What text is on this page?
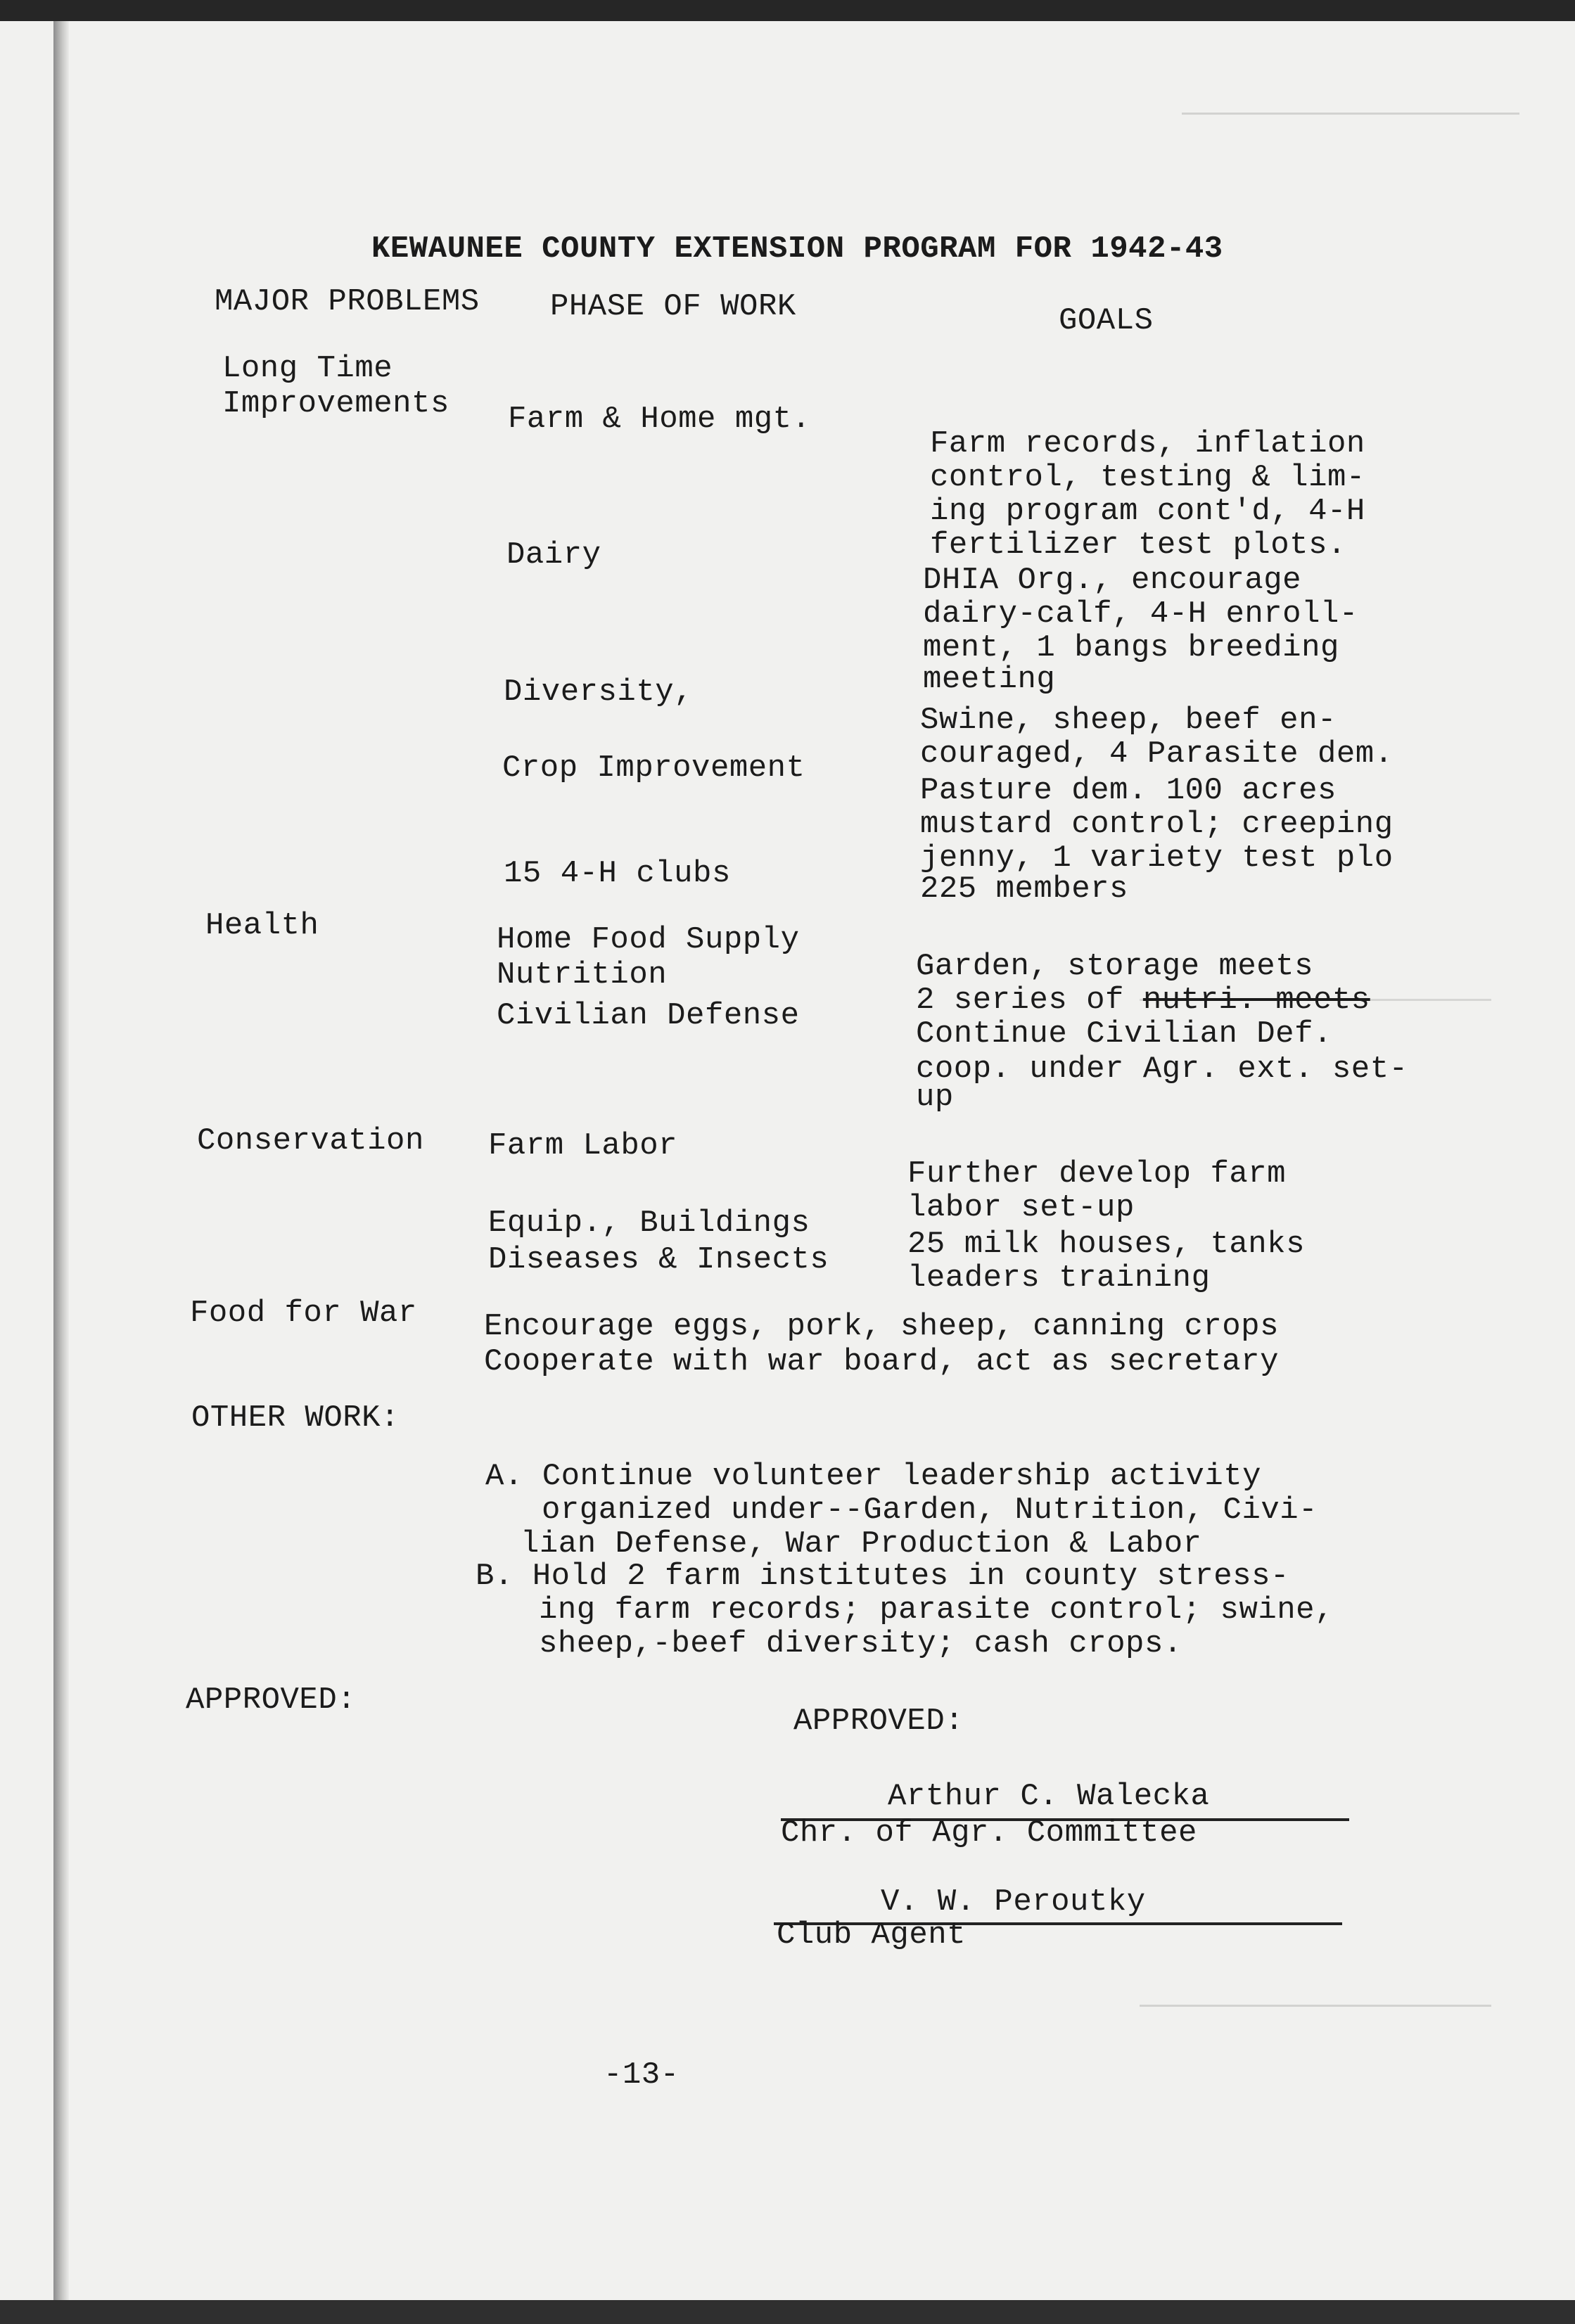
KEWAUNEE COUNTY EXTENSION PROGRAM FOR 1942-43
MAJOR PROBLEMS PHASE OF WORK	GOALS
Long Time
Improvements
Health
Conservation
Food for War
Farm & Home mgt.
Dairy
Diversity,
Crop Improvement
15 4-H clubs
Home Food Supply
Nutrition
Civilian Defense
Farm Labor
Equip., Buildings
Diseases & Insects
Encourage eggs, pork, sheep, canning crops
Cooperate with war board, act as secretary
Farm records, inflation
control, testing & lim-
ing program cont'd, 4-H
fertilizer test plots.
DHIA Org., encourage
dairy-calf, 4-H enroll-
ment, 1 bangs breeding
meeting
Swine, sheep, beef en-
couraged, 4 Parasite dem.
Pasture dem. 100 acres
mustard control; creeping
jenny, 1 variety test plo
225 members
Garden, storage meets
2 series of nutri. meets
Continue Civilian Def.
coop. under Agr. ext. set-
up
Further develop farm
labor set-up
25 milk houses, tanks
leaders training
OTHER WORK:
A. Continue volunteer leadership activity
organized under--Garden, Nutrition, Civi-
lian Defense, War Production & Labor
B. Hold 2 farm institutes in county stress-
ing farm records; parasite control; swine,
sheep,-beef diversity; cash crops.
APPROVED:
APPROVED:
Arthur C. Walecka
Chr. of Agr. Committee
V. W. Peroutky
Club Agent
-13-
